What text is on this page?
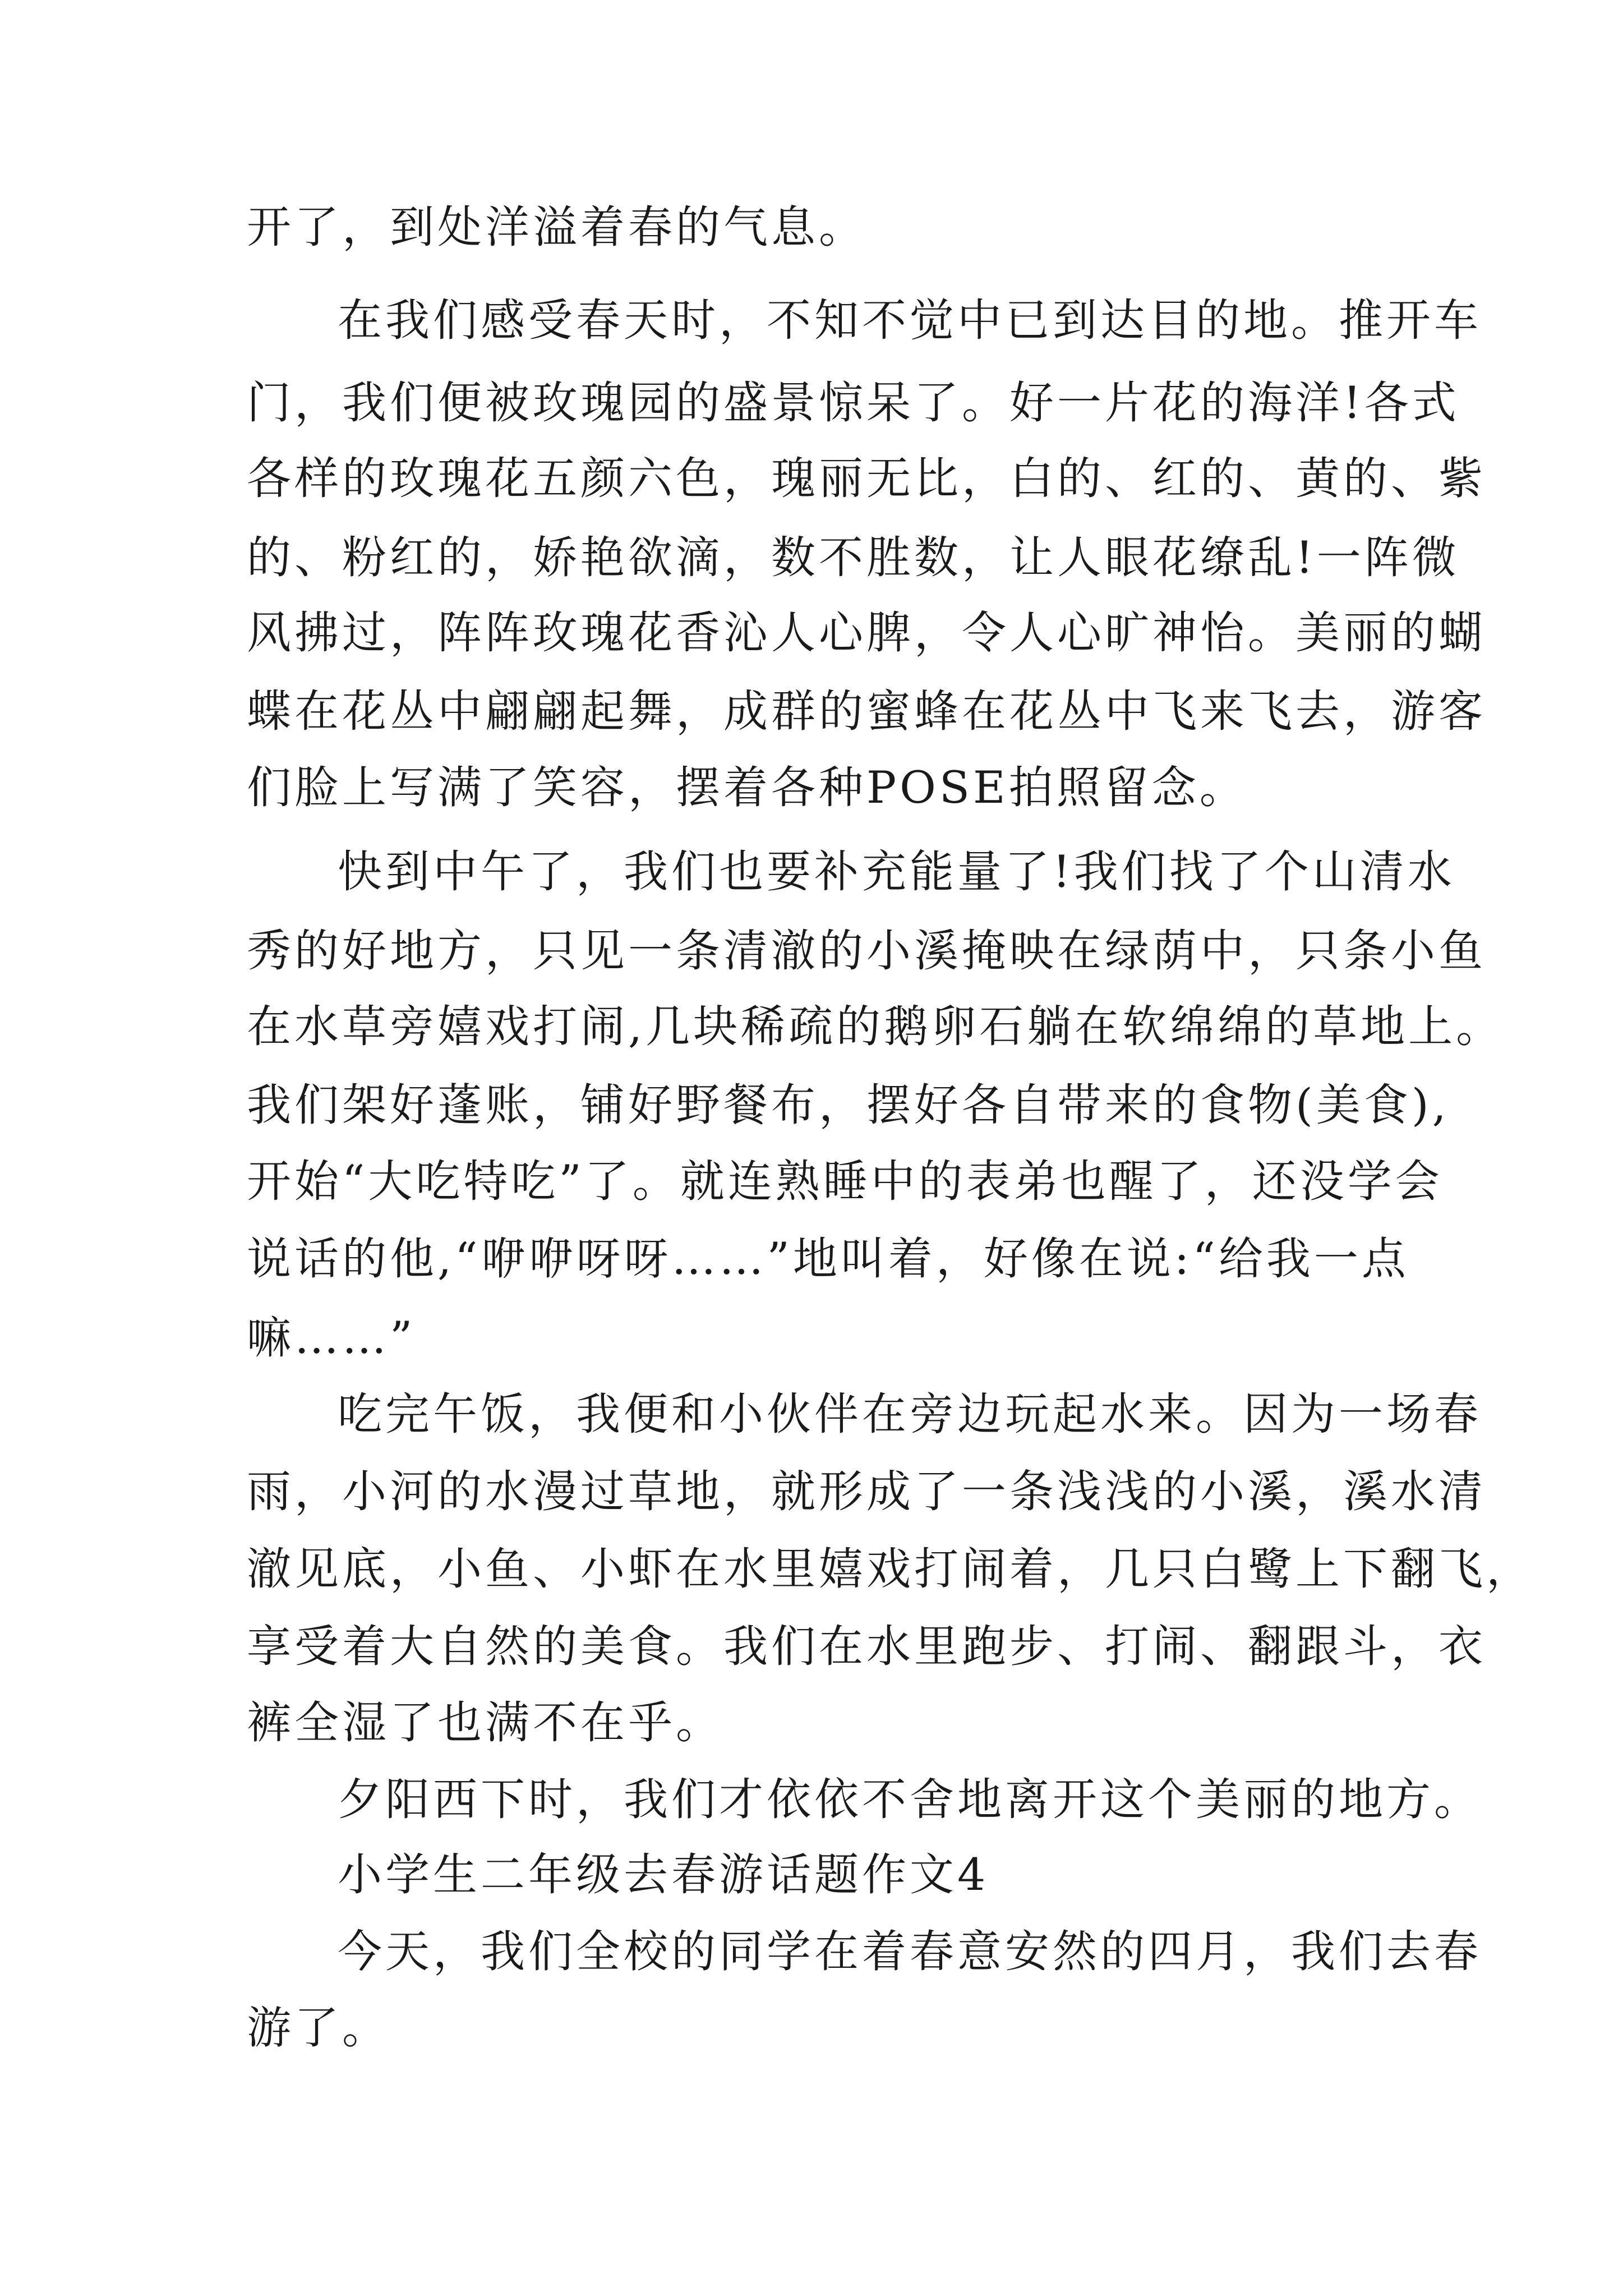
开了，到处洋溢着春的气息。
在我们感受春天时，不知不觉中已到达目的地。推开车
门，我们便被玫瑰园的盛景惊呆了。好一片花的海洋!各式
各样的玫瑰花五颜六色，瑰丽无比，白的、红的、黄的、紫
的、粉红的，娇艳欲滴，数不胜数，让人眼花缭乱!一阵微
风拂过，阵阵玫瑰花香沁人心脾，令人心旷神怡。美丽的蝴
蝶在花丛中翩翩起舞，成群的蜜蜂在花丛中飞来飞去，游客
们脸上写满了笑容，摆着各种POSE拍照留念。
快到中午了，我们也要补充能量了!我们找了个山清水
秀的好地方，只见一条清澈的小溪掩映在绿荫中，只条小鱼
在水草旁嬉戏打闹,几块稀疏的鹅卵石躺在软绵绵的草地上。
我们架好蓬账，铺好野餐布，摆好各自带来的食物(美食),
开始“大吃特吃”了。就连熟睡中的表弟也醒了，还没学会
说话的他,“咿咿呀呀……”地叫着，好像在说:“给我一点
嘛……”
吃完午饭，我便和小伙伴在旁边玩起水来。因为一场春
雨，小河的水漫过草地，就形成了一条浅浅的小溪，溪水清
澈见底，小鱼、小虾在水里嬉戏打闹着，几只白鹭上下翻飞，
享受着大自然的美食。我们在水里跑步、打闹、翻跟斗，衣
裤全湿了也满不在乎。
夕阳西下时，我们才依依不舍地离开这个美丽的地方。
小学生二年级去春游话题作文4
今天，我们全校的同学在着春意安然的四月，我们去春
游了。
